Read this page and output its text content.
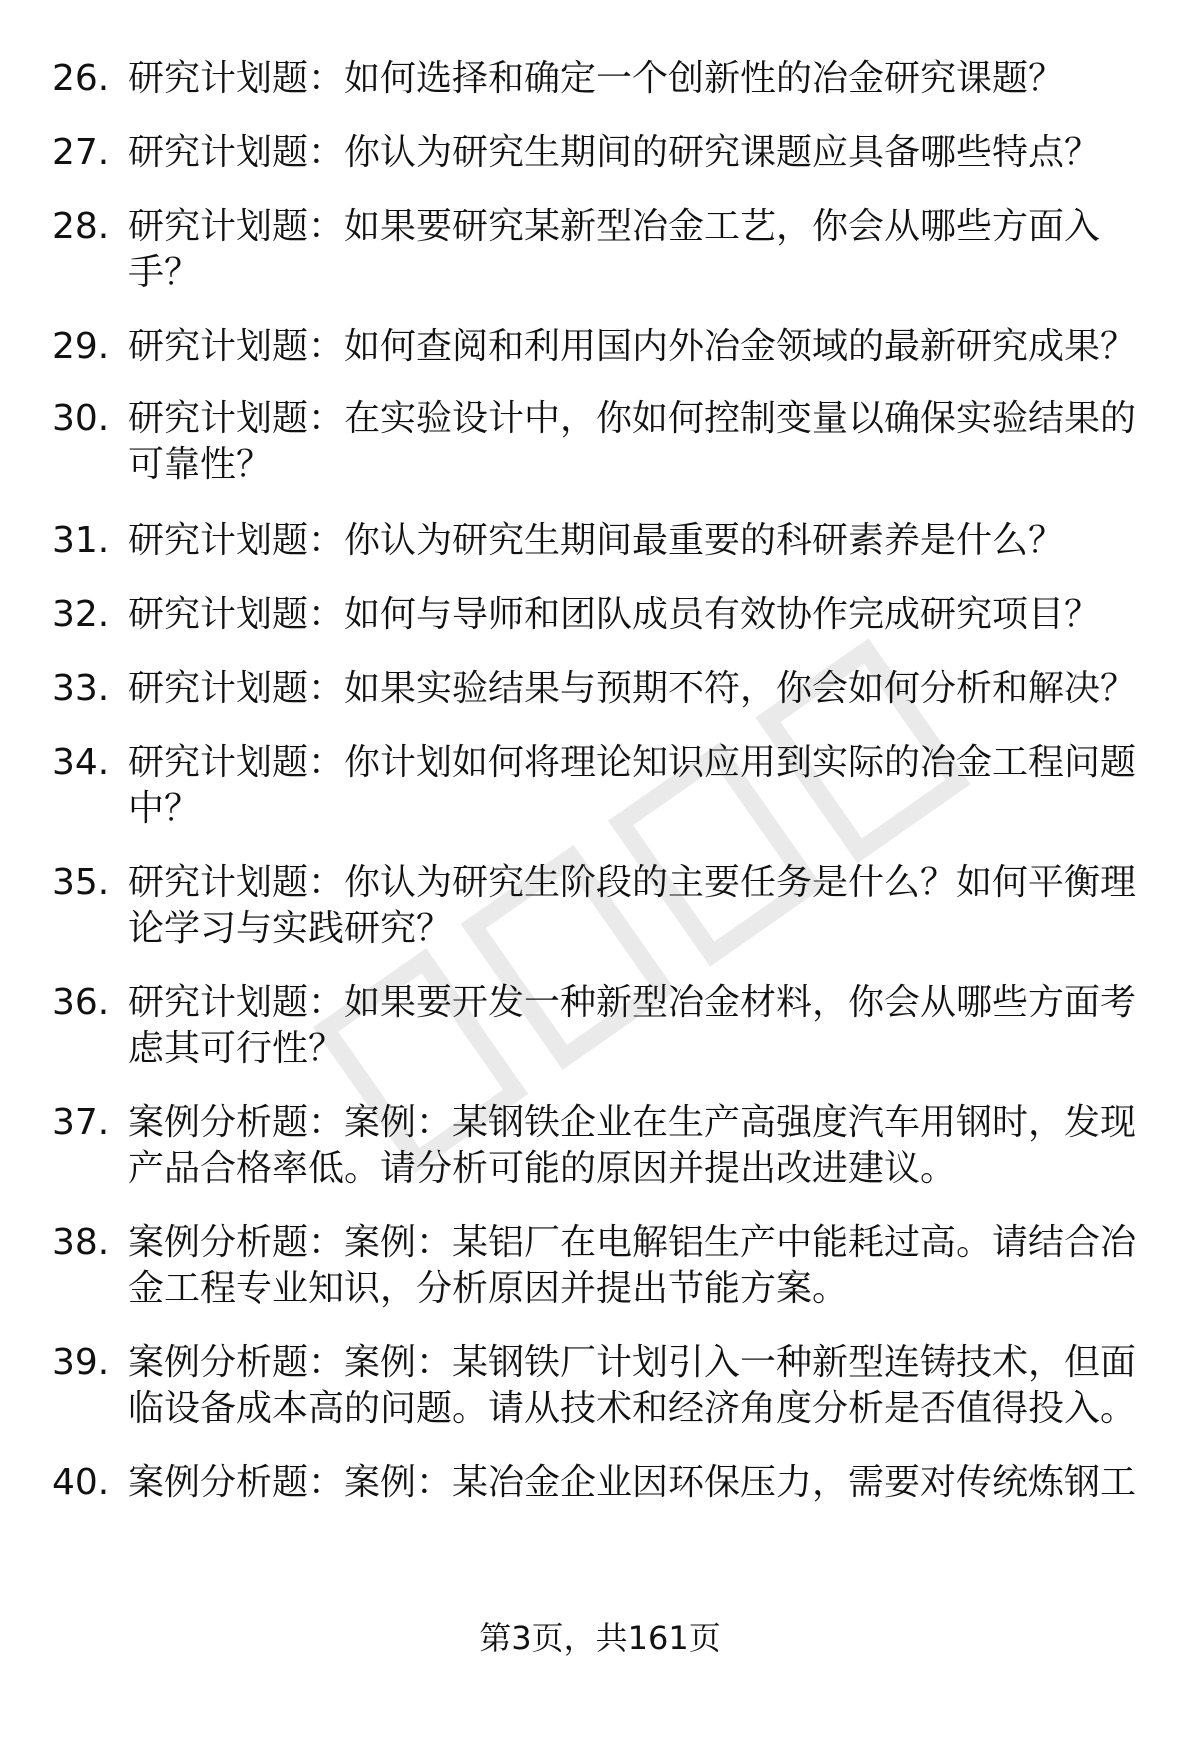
26. 研究计划题：如何选择和确定一个创新性的冶金研究课题？
27. 研究计划题：你认为研究生期间的研究课题应具备哪些特点？
28. 研究计划题：如果要研究某新型冶金工艺，你会从哪些方面入手？
29. 研究计划题：如何查阅和利用国内外冶金领域的最新研究成果？
30. 研究计划题：在实验设计中，你如何控制变量以确保实验结果的可靠性？
31. 研究计划题：你认为研究生期间最重要的科研素养是什么？
32. 研究计划题：如何与导师和团队成员有效协作完成研究项目？
33. 研究计划题：如果实验结果与预期不符，你会如何分析和解决？
34. 研究计划题：你计划如何将理论知识应用到实际的冶金工程问题中？
35. 研究计划题：你认为研究生阶段的主要任务是什么？如何平衡理论学习与实践研究？
36. 研究计划题：如果要开发一种新型冶金材料，你会从哪些方面考虑其可行性？
37. 案例分析题：案例：某钢铁企业在生产高强度汽车用钢时，发现产品合格率低。请分析可能的原因并提出改进建议。
38. 案例分析题：案例：某铝厂在电解铝生产中能耗过高。请结合冶金工程专业知识，分析原因并提出节能方案。
39. 案例分析题：案例：某钢铁厂计划引入一种新型连铸技术，但面临设备成本高的问题。请从技术和经济角度分析是否值得投入。
40. 案例分析题：案例：某冶金企业因环保压力，需要对传统炼钢工
第3页，共161页
